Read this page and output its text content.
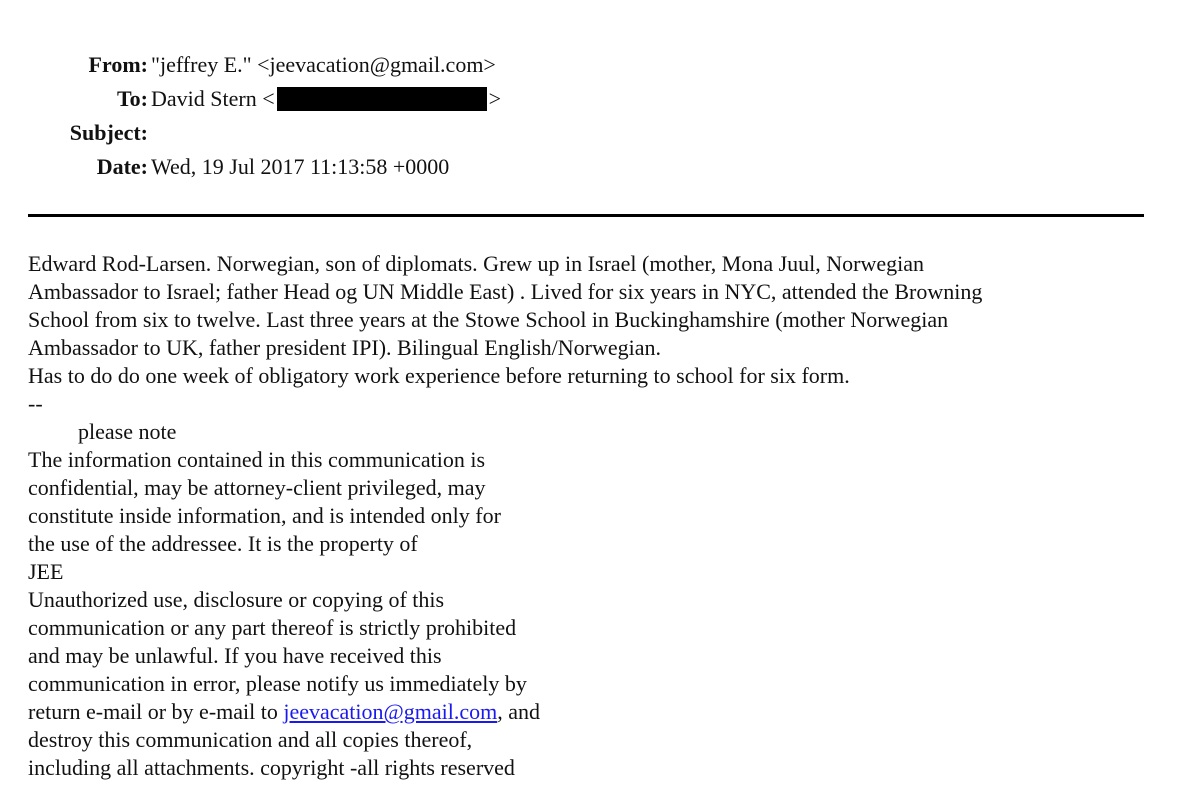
From: "jeffrey E." <jeevacation@gmail.com>
To: David Stern <	>
Subject:
Date: Wed, 19 Jul 2017 11:13:58 +0000
Edward Rod-Larsen. Norwegian, son of diplomats. Grew up in Israel (mother, Mona Juul, Norwegian
Ambassador to Israel; father Head og UN Middle East) . Lived for six years in NYC, attended the Browning
School from six to twelve. Last three years at the Stowe School in Buckinghamshire (mother Norwegian
Ambassador to UK, father president IPI). Bilingual English/Norwegian.
Has to do do one week of obligatory work experience before returning to school for six form.
--
please note
The information contained in this communication is
confidential, may be attorney-client privileged, may
constitute inside information, and is intended only for
the use of the addressee. It is the property of
JEE
Unauthorized use, disclosure or copying of this
communication or any part thereof is strictly prohibited
and may be unlawful. If you have received this
communication in error, please notify us immediately by
return e-mail or by e-mail to jeevacation@gmail.com, and
destroy this communication and all copies thereof,
including all attachments. copyright -all rights reserved
